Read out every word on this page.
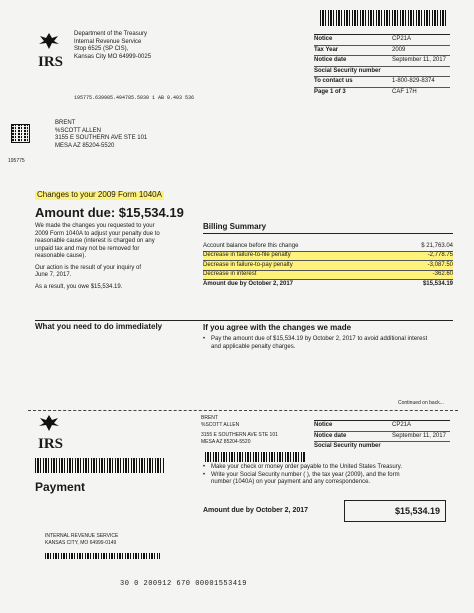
IRS
Department of the Treasury
Internal Revenue Service
Stop 6525 (SP CIS),
Kansas City MO 64999-0025
Notice	CP21A
Tax Year	2009
Notice date	September 11, 2017
Social Security number
To contact us	1-800-829-8374
Page 1 of 3	CAF 17H
195775.639905.494785.5030 1 AB 0.403 536
195775
BRENT
%SCOTT ALLEN
3155 E SOUTHERN AVE STE 101
MESA AZ 85204-5520
Changes to your 2009 Form 1040A
Amount due: $15,534.19
We made the changes you requested to your
2009 Form 1040A to adjust your penalty due to
reasonable cause (interest is charged on any
unpaid tax and may not be removed for
reasonable cause).
Our action is the result of your inquiry of
June 7, 2017.
As a result, you owe $15,534.19.
Billing Summary
Account balance before this change	$ 21,763.04
Decrease in failure-to-file penalty	-2,778.75
Decrease in failure-to-pay penalty	-3,087.50
Decrease in interest	-362.60
Amount due by October 2, 2017	$15,534.19
What you need to do immediately	If you agree with the changes we made
• Pay the amount due of $15,534.19 by October 2, 2017 to avoid additional interest
and applicable penalty charges.
Continued on back...
IRS
BRENT
%SCOTT ALLEN
3155 E SOUTHERN AVE STE 101
MESA AZ 85204-5520
Notice	CP21A
Notice date	September 11, 2017
Social Security number
Payment
• Make your check or money order payable to the United States Treasury.
• Write your Social Security number ( ), the tax year (2009), and the form
number (1040A) on your payment and any correspondence.
Amount due by October 2, 2017	$15,534.19
INTERNAL REVENUE SERVICE
KANSAS CITY, MO 64999-0149
30 0 200912 670 00001553419
